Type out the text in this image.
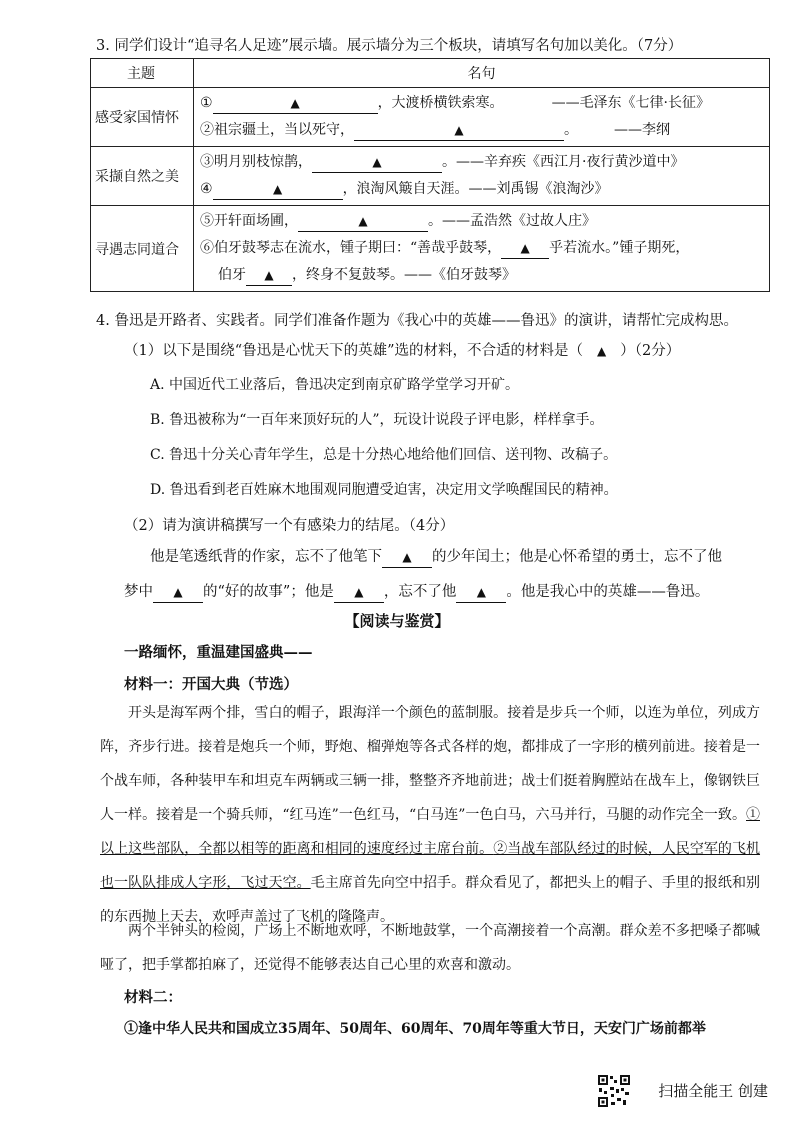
3. 同学们设计“追寻名人足迹”展示墙。展示墙分为三个板块，请填写名句加以美化。（7分）
主题	名句
感受家国情怀	① ▲ ，大渡桥横铁索寒。 ——毛泽东《七律·长征》
②祖宗疆土，当以死守， ▲ 。 ——李纲

采撷自然之美	③明月别枝惊鹊， ▲ 。——辛弃疾《西江月·夜行黄沙道中》
④ ▲ ，浪淘风簸自天涯。——刘禹锡《浪淘沙》

寻遇志同道合	⑤开轩面场圃， ▲ 。——孟浩然《过故人庄》
⑥伯牙鼓琴志在流水，锺子期曰：“善哉乎鼓琴， ▲ 乎若流水。”锺子期死，
伯牙 ▲ ，终身不复鼓琴。——《伯牙鼓琴》
4. 鲁迅是开路者、实践者。同学们准备作题为《我心中的英雄——鲁迅》的演讲，请帮忙完成构思。
（1）以下是围绕“鲁迅是心忧天下的英雄”选的材料，不合适的材料是（ ▲ ）（2分）
A. 中国近代工业落后，鲁迅决定到南京矿路学堂学习开矿。
B. 鲁迅被称为“一百年来顶好玩的人”，玩设计说段子评电影，样样拿手。
C. 鲁迅十分关心青年学生，总是十分热心地给他们回信、送刊物、改稿子。
D. 鲁迅看到老百姓麻木地围观同胞遭受迫害，决定用文学唤醒国民的精神。
（2）请为演讲稿撰写一个有感染力的结尾。（4分）
他是笔透纸背的作家，忘不了他笔下 ▲ 的少年闰土；他是心怀希望的勇士，忘不了他
梦中 ▲ 的“好的故事”；他是 ▲ ，忘不了他 ▲ 。他是我心中的英雄——鲁迅。
【阅读与鉴赏】
一路缅怀，重温建国盛典——
材料一：开国大典（节选）
开头是海军两个排，雪白的帽子，跟海洋一个颜色的蓝制服。接着是步兵一个师，以连为单位，列成方阵，齐步行进。接着是炮兵一个师，野炮、榴弹炮等各式各样的炮，都排成了一字形的横列前进。接着是一个战车师，各种装甲车和坦克车两辆或三辆一排，整整齐齐地前进；战士们挺着胸膛站在战车上，像钢铁巨人一样。接着是一个骑兵师，“红马连”一色红马，“白马连”一色白马，六马并行，马腿的动作完全一致。①以上这些部队，全都以相等的距离和相同的速度经过主席台前。②当战车部队经过的时候，人民空军的飞机也一队队排成人字形，飞过天空。毛主席首先向空中招手。群众看见了，都把头上的帽子、手里的报纸和别的东西抛上天去，欢呼声盖过了飞机的隆隆声。
两个半钟头的检阅，广场上不断地欢呼，不断地鼓掌，一个高潮接着一个高潮。群众差不多把嗓子都喊哑了，把手掌都拍麻了，还觉得不能够表达自己心里的欢喜和激动。
材料二：
①逢中华人民共和国成立35周年、50周年、60周年、70周年等重大节日，天安门广场前都举
扫描全能王 创建
